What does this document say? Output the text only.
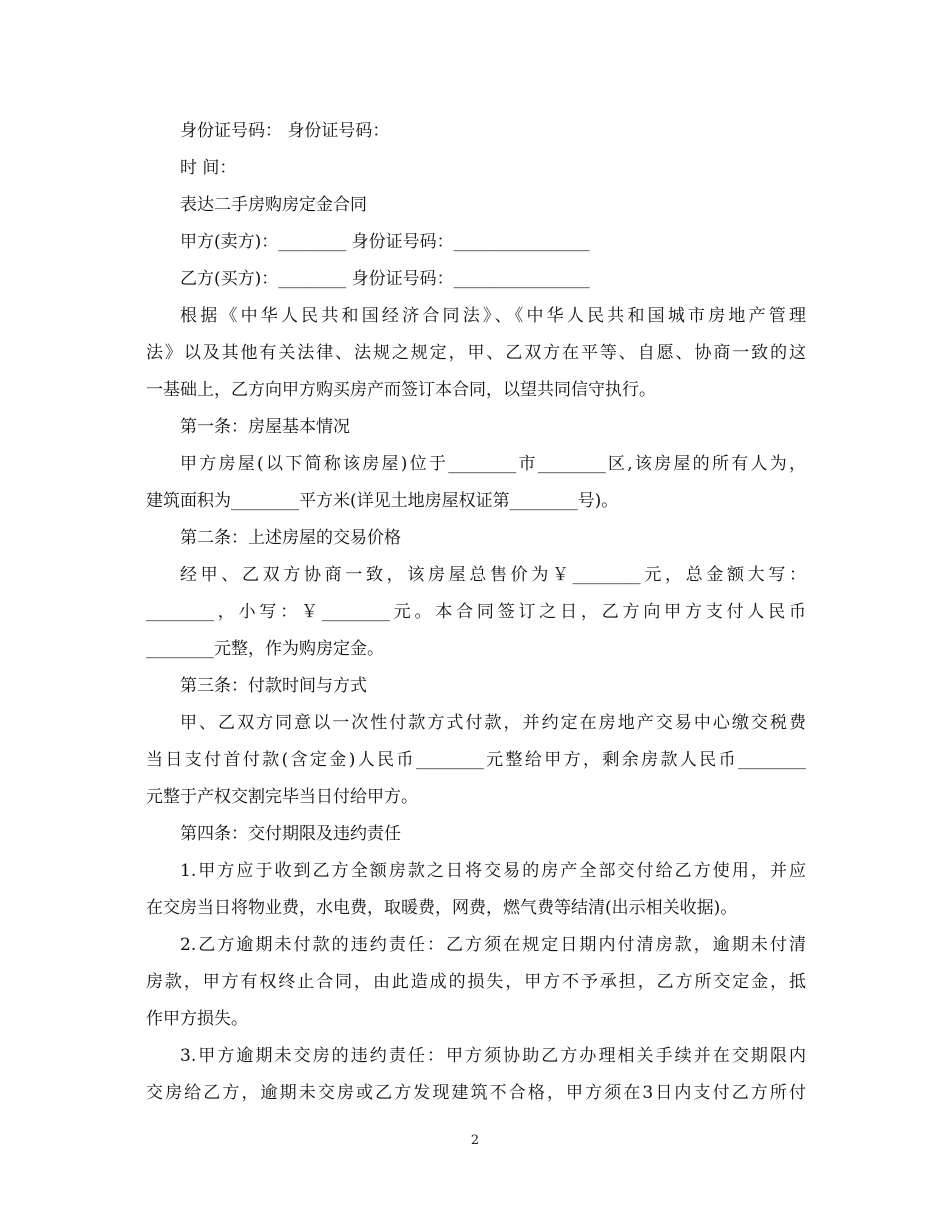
身份证号码： 身份证号码：
时 间：
表达二手房购房定金合同
甲方(卖方)：________ 身份证号码：________________
乙方(买方)：________ 身份证号码：________________
根据《中华人民共和国经济合同法》、《中华人民共和国城市房地产管理
法》以及其他有关法律、法规之规定，甲、乙双方在平等、自愿、协商一致的这
一基础上，乙方向甲方购买房产而签订本合同，以望共同信守执行。
第一条：房屋基本情况
甲方房屋(以下简称该房屋)位于________市________区,该房屋的所有人为，
建筑面积为________平方米(详见土地房屋权证第________号)。
第二条：上述房屋的交易价格
经甲、乙双方协商一致，该房屋总售价为￥________元，总金额大写：
________，小写：￥________元。本合同签订之日，乙方向甲方支付人民币
________元整，作为购房定金。
第三条：付款时间与方式
甲、乙双方同意以一次性付款方式付款，并约定在房地产交易中心缴交税费
当日支付首付款(含定金)人民币________元整给甲方，剩余房款人民币________
元整于产权交割完毕当日付给甲方。
第四条：交付期限及违约责任
1.甲方应于收到乙方全额房款之日将交易的房产全部交付给乙方使用，并应
在交房当日将物业费，水电费，取暖费，网费，燃气费等结清(出示相关收据)。
2.乙方逾期未付款的违约责任：乙方须在规定日期内付清房款，逾期未付清
房款，甲方有权终止合同，由此造成的损失，甲方不予承担，乙方所交定金，抵
作甲方损失。
3.甲方逾期未交房的违约责任：甲方须协助乙方办理相关手续并在交期限内
交房给乙方，逾期未交房或乙方发现建筑不合格，甲方须在3日内支付乙方所付
2
